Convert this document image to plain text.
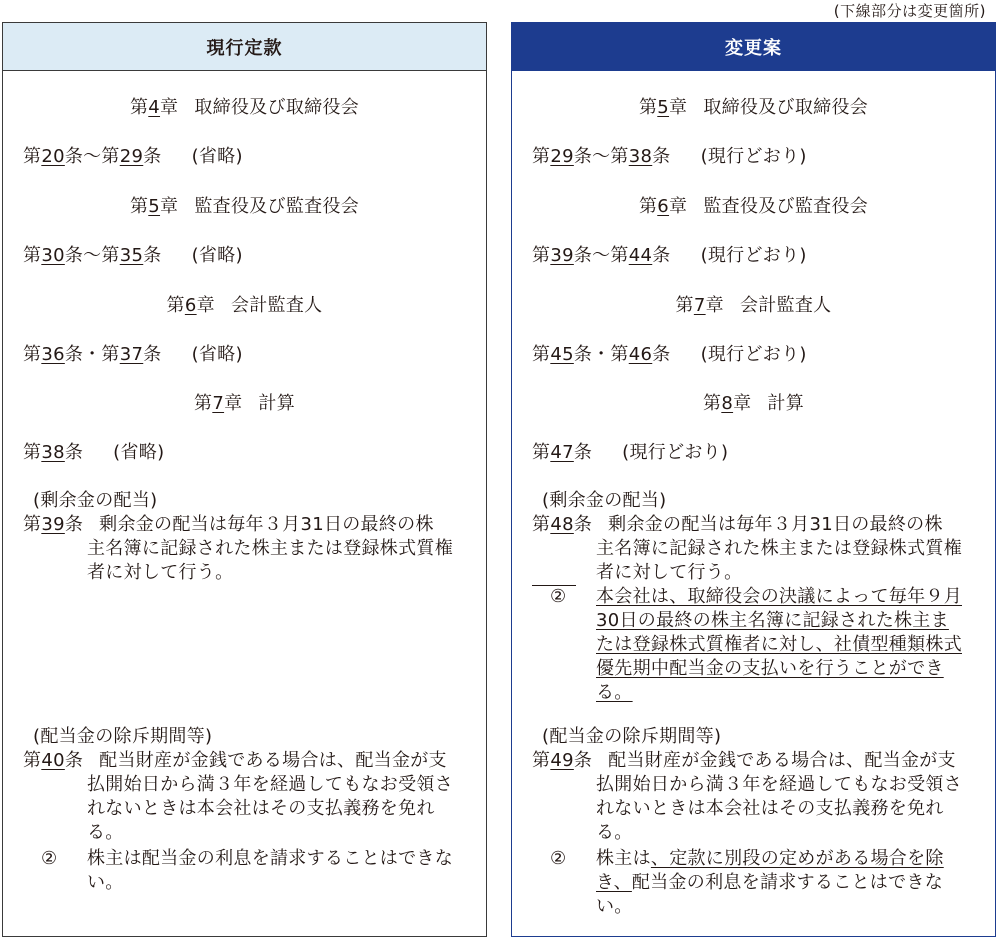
(下線部分は変更箇所)
現行定款
第4章 取締役及び取締役会
第20条〜第29条 (省略)
第5章 監査役及び監査役会
第30条〜第35条 (省略)
第6章 会計監査人
第36条・第37条 (省略)
第7章 計算
第38条 (省略)
(剰余金の配当)
第39条 剰余金の配当は毎年３月31日の最終の株
主名簿に記録された株主または登録株式質権
者に対して行う。
(配当金の除斥期間等)
第40条 配当財産が金銭である場合は、配当金が支
払開始日から満３年を経過してもなお受領さ
れないときは本会社はその支払義務を免れ
る。
② 株主は配当金の利息を請求することはできな
い。
変更案
第5章 取締役及び取締役会
第29条〜第38条 (現行どおり)
第6章 監査役及び監査役会
第39条〜第44条 (現行どおり)
第7章 会計監査人
第45条・第46条 (現行どおり)
第8章 計算
第47条 (現行どおり)
(剰余金の配当)
第48条 剰余金の配当は毎年３月31日の最終の株
主名簿に記録された株主または登録株式質権
者に対して行う。
② 本会社は、取締役会の決議によって毎年９月
30日の最終の株主名簿に記録された株主ま
たは登録株式質権者に対し、社債型種類株式
優先期中配当金の支払いを行うことができ
る。
(配当金の除斥期間等)
第49条 配当財産が金銭である場合は、配当金が支
払開始日から満３年を経過してもなお受領さ
れないときは本会社はその支払義務を免れ
る。
② 株主は、定款に別段の定めがある場合を除
き、配当金の利息を請求することはできな
い。
